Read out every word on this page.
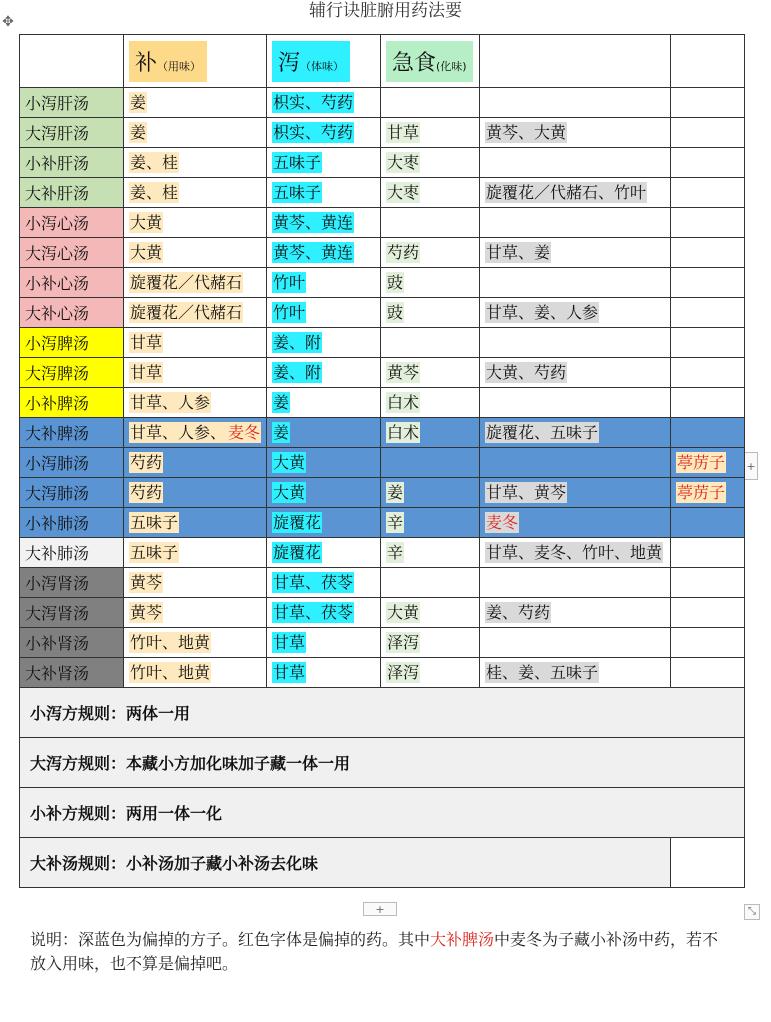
辅行诀脏腑用药法要
✥
+
+	⤡
	补（用味）	泻（体味）	急食(化味)		
小泻肝汤	姜	枳实、芍药			
大泻肝汤	姜	枳实、芍药	甘草	黄芩、大黄	
小补肝汤	姜、桂	五味子	大枣		
大补肝汤	姜、桂	五味子	大枣	旋覆花／代赭石、竹叶	
小泻心汤	大黄	黄芩、黄连			
大泻心汤	大黄	黄芩、黄连	芍药	甘草、姜	
小补心汤	旋覆花／代赭石	竹叶	豉		
大补心汤	旋覆花／代赭石	竹叶	豉	甘草、姜、人参	
小泻脾汤	甘草	姜、附			
大泻脾汤	甘草	姜、附	黄芩	大黄、芍药	
小补脾汤	甘草、人参	姜	白术		
大补脾汤	甘草、人参、 麦冬	姜	白术	旋覆花、五味子	
小泻肺汤	芍药	大黄			葶苈子
大泻肺汤	芍药	大黄	姜	甘草、黄芩	葶苈子
小补肺汤	五味子	旋覆花	辛	麦冬	
大补肺汤	五味子	旋覆花	辛	甘草、麦冬、竹叶、地黄	
小泻肾汤	黄芩	甘草、茯苓			
大泻肾汤	黄芩	甘草、茯苓	大黄	姜、芍药	
小补肾汤	竹叶、地黄	甘草	泽泻		
大补肾汤	竹叶、地黄	甘草	泽泻	桂、姜、五味子	
小泻方规则：两体一用					
大泻方规则：本藏小方加化味加子藏一体一用					
小补方规则：两用一体一化					
大补汤规则：小补汤加子藏小补汤去化味					
说明：深蓝色为偏掉的方子。红色字体是偏掉的药。其中大补脾汤中麦冬为子藏小补汤中药，若不放入用味，也不算是偏掉吧。
